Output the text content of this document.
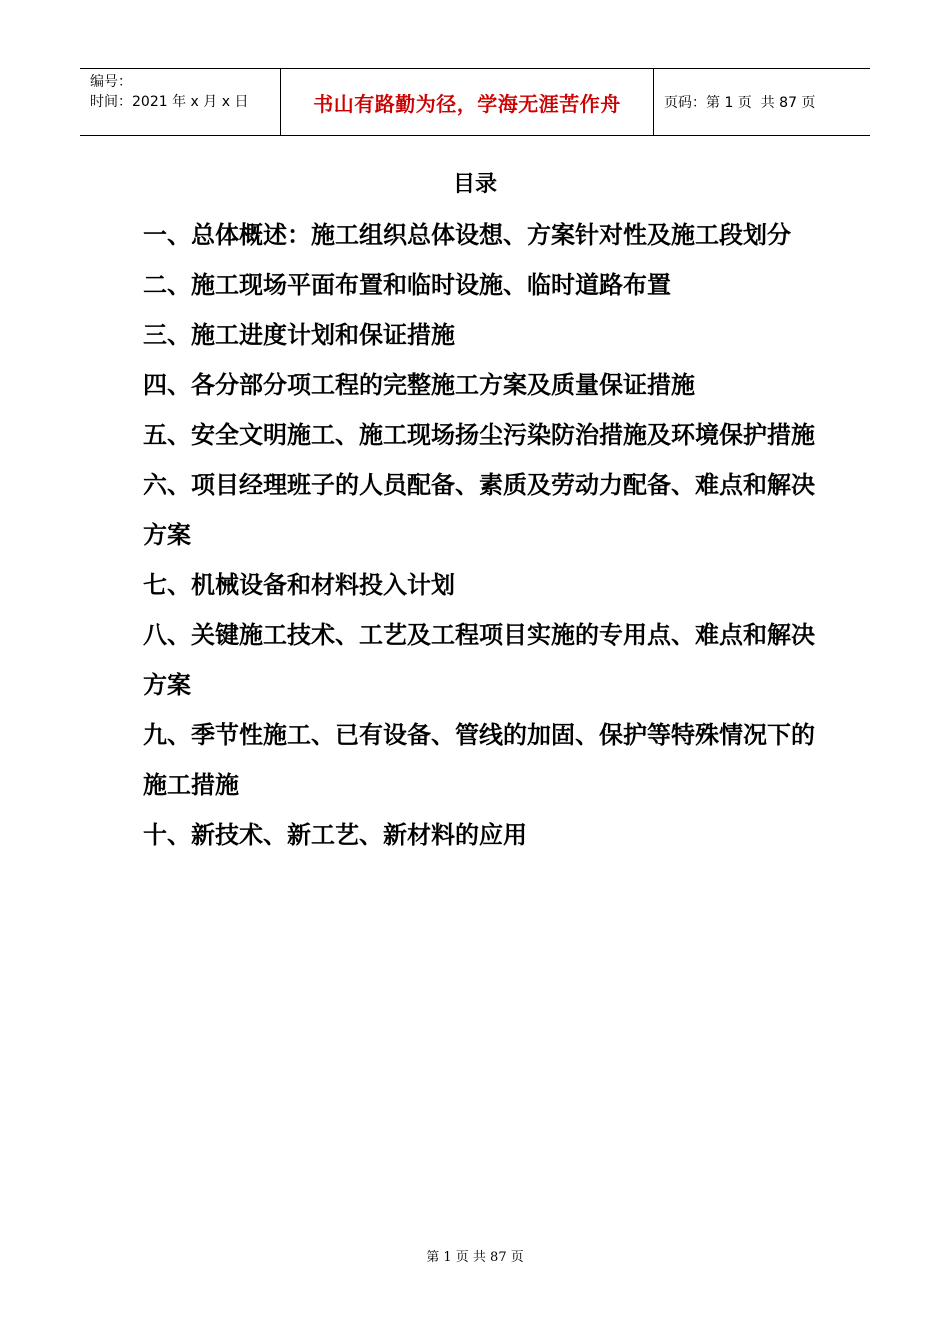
编号：
时间：2021 年 x 月 x 日	书山有路勤为径，学海无涯苦作舟	页码：第 1 页  共 87 页
目录
一、总体概述：施工组织总体设想、方案针对性及施工段划分
二、施工现场平面布置和临时设施、临时道路布置
三、施工进度计划和保证措施
四、各分部分项工程的完整施工方案及质量保证措施
五、安全文明施工、施工现场扬尘污染防治措施及环境保护措施
六、项目经理班子的人员配备、素质及劳动力配备、难点和解决方案
七、机械设备和材料投入计划
八、关键施工技术、工艺及工程项目实施的专用点、难点和解决方案
九、季节性施工、已有设备、管线的加固、保护等特殊情况下的施工措施
十、新技术、新工艺、新材料的应用
第 1 页 共 87 页
